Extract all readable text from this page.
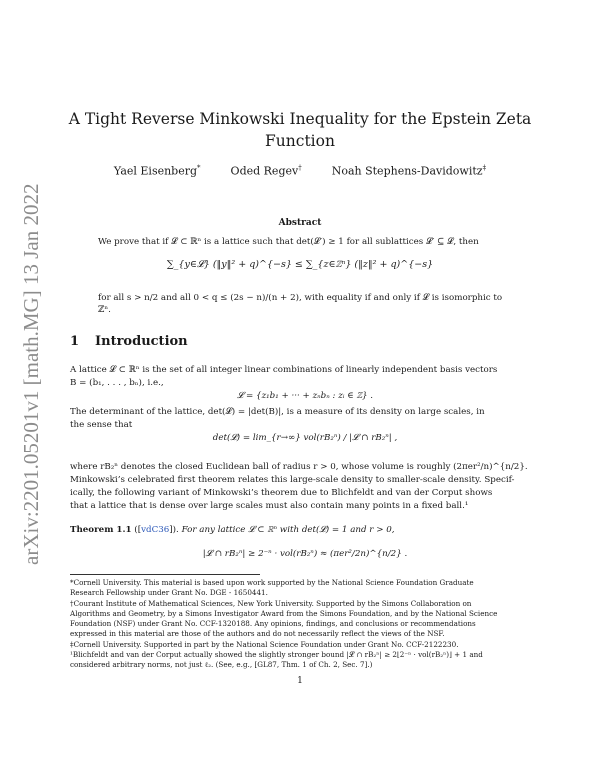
arXiv:2201.05201v1 [math.MG] 13 Jan 2022
A Tight Reverse Minkowski Inequality for the Epstein Zeta
Function
Yael Eisenberg*	Oded Regev†	Noah Stephens-Davidowitz‡
Abstract
We prove that if 𝓛 ⊂ ℝⁿ is a lattice such that det(𝓛′) ≥ 1 for all sublattices 𝓛′ ⊆ 𝓛, then
∑_{y∈𝓛} (‖y‖² + q)^{−s} ≤ ∑_{z∈ℤⁿ} (‖z‖² + q)^{−s}
for all s > n/2 and all 0 < q ≤ (2s − n)/(n + 2), with equality if and only if 𝓛 is isomorphic to
ℤⁿ.
1 Introduction
A lattice 𝓛 ⊂ ℝⁿ is the set of all integer linear combinations of linearly independent basis vectors
B = (b₁, . . . , bₙ), i.e.,
𝓛 = {z₁b₁ + ··· + zₙbₙ : zᵢ ∈ ℤ} .
The determinant of the lattice, det(𝓛) = |det(B)|, is a measure of its density on large scales, in
the sense that
det(𝓛) = lim_{r→∞} vol(rB₂ⁿ) / |𝓛 ∩ rB₂ⁿ| ,
where rB₂ⁿ denotes the closed Euclidean ball of radius r > 0, whose volume is roughly (2πer²/n)^{n/2}.
Minkowski’s celebrated first theorem relates this large-scale density to smaller-scale density. Specif-
ically, the following variant of Minkowski’s theorem due to Blichfeldt and van der Corput shows
that a lattice that is dense over large scales must also contain many points in a fixed ball.¹
Theorem 1.1 ([vdC36]). For any lattice 𝓛 ⊂ ℝⁿ with det(𝓛) = 1 and r > 0,
|𝓛 ∩ rB₂ⁿ| ≥ 2⁻ⁿ · vol(rB₂ⁿ) ≈ (πer²/2n)^{n/2} .
*Cornell University. This material is based upon work supported by the National Science Foundation Graduate
Research Fellowship under Grant No. DGE - 1650441.
†Courant Institute of Mathematical Sciences, New York University. Supported by the Simons Collaboration on
Algorithms and Geometry, by a Simons Investigator Award from the Simons Foundation, and by the National Science
Foundation (NSF) under Grant No. CCF-1320188. Any opinions, findings, and conclusions or recommendations
expressed in this material are those of the authors and do not necessarily reflect the views of the NSF.
‡Cornell University. Supported in part by the National Science Foundation under Grant No. CCF-2122230.
¹Blichfeldt and van der Corput actually showed the slightly stronger bound |𝓛 ∩ rB₂ⁿ| ≥ 2⌊2⁻ⁿ · vol(rB₂ⁿ)⌋ + 1 and
considered arbitrary norms, not just ℓ₂. (See, e.g., [GL87, Thm. 1 of Ch. 2, Sec. 7].)
1
